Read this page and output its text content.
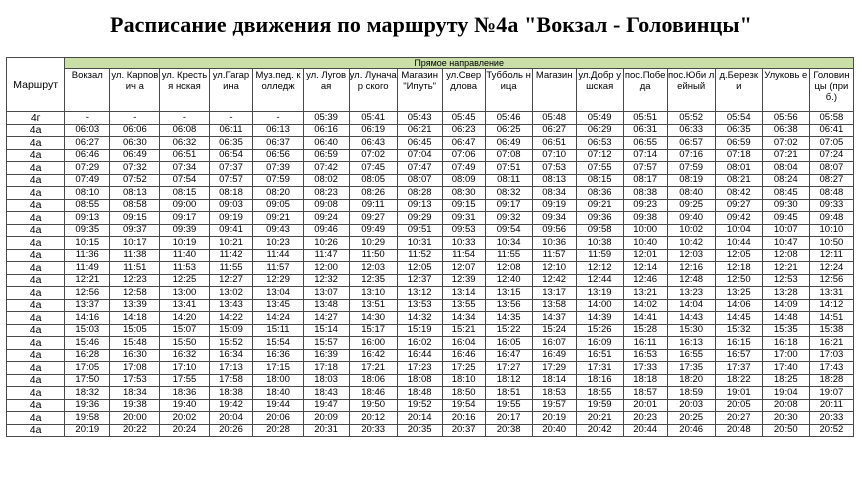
Расписание движения по маршруту №4а "Вокзал - Головинцы"
Маршрут	Прямое направление																
	Вокзал	ул. Карпович а	ул. Крестья нская	ул.Гагар ина	Муз.пед. колледж	ул. Луговая	ул. Луначар ского	Магазин "Ипуть"	ул.Свер длова	Тубболь ница	Магазин	ул.Добр ушская	пос.Побе да	пос.Юби лейный	д.Березк и	Улуковь е	Головин цы (приб.)
4г	-	-	-	-	-	05:39	05:41	05:43	05:45	05:46	05:48	05:49	05:51	05:52	05:54	05:56	05:58
4а	06:03	06:06	06:08	06:11	06:13	06:16	06:19	06:21	06:23	06:25	06:27	06:29	06:31	06:33	06:35	06:38	06:41
4а	06:27	06:30	06:32	06:35	06:37	06:40	06:43	06:45	06:47	06:49	06:51	06:53	06:55	06:57	06:59	07:02	07:05
4а	06:46	06:49	06:51	06:54	06:56	06:59	07:02	07:04	07:06	07:08	07:10	07:12	07:14	07:16	07:18	07:21	07:24
4а	07:29	07:32	07:34	07:37	07:39	07:42	07:45	07:47	07:49	07:51	07:53	07:55	07:57	07:59	08:01	08:04	08:07
4а	07:49	07:52	07:54	07:57	07:59	08:02	08:05	08:07	08:09	08:11	08:13	08:15	08:17	08:19	08:21	08:24	08:27
4а	08:10	08:13	08:15	08:18	08:20	08:23	08:26	08:28	08:30	08:32	08:34	08:36	08:38	08:40	08:42	08:45	08:48
4а	08:55	08:58	09:00	09:03	09:05	09:08	09:11	09:13	09:15	09:17	09:19	09:21	09:23	09:25	09:27	09:30	09:33
4а	09:13	09:15	09:17	09:19	09:21	09:24	09:27	09:29	09:31	09:32	09:34	09:36	09:38	09:40	09:42	09:45	09:48
4а	09:35	09:37	09:39	09:41	09:43	09:46	09:49	09:51	09:53	09:54	09:56	09:58	10:00	10:02	10:04	10:07	10:10
4а	10:15	10:17	10:19	10:21	10:23	10:26	10:29	10:31	10:33	10:34	10:36	10:38	10:40	10:42	10:44	10:47	10:50
4а	11:36	11:38	11:40	11:42	11:44	11:47	11:50	11:52	11:54	11:55	11:57	11:59	12:01	12:03	12:05	12:08	12:11
4а	11:49	11:51	11:53	11:55	11:57	12:00	12:03	12:05	12:07	12:08	12:10	12:12	12:14	12:16	12:18	12:21	12:24
4а	12:21	12:23	12:25	12:27	12:29	12:32	12:35	12:37	12:39	12:40	12:42	12:44	12:46	12:48	12:50	12:53	12:56
4а	12:56	12:58	13:00	13:02	13:04	13:07	13:10	13:12	13:14	13:15	13:17	13:19	13:21	13:23	13:25	13:28	13:31
4а	13:37	13:39	13:41	13:43	13:45	13:48	13:51	13:53	13:55	13:56	13:58	14:00	14:02	14:04	14:06	14:09	14:12
4а	14:16	14:18	14:20	14:22	14:24	14:27	14:30	14:32	14:34	14:35	14:37	14:39	14:41	14:43	14:45	14:48	14:51
4а	15:03	15:05	15:07	15:09	15:11	15:14	15:17	15:19	15:21	15:22	15:24	15:26	15:28	15:30	15:32	15:35	15:38
4а	15:46	15:48	15:50	15:52	15:54	15:57	16:00	16:02	16:04	16:05	16:07	16:09	16:11	16:13	16:15	16:18	16:21
4а	16:28	16:30	16:32	16:34	16:36	16:39	16:42	16:44	16:46	16:47	16:49	16:51	16:53	16:55	16:57	17:00	17:03
4а	17:05	17:08	17:10	17:13	17:15	17:18	17:21	17:23	17:25	17:27	17:29	17:31	17:33	17:35	17:37	17:40	17:43
4а	17:50	17:53	17:55	17:58	18:00	18:03	18:06	18:08	18:10	18:12	18:14	18:16	18:18	18:20	18:22	18:25	18:28
4а	18:32	18:34	18:36	18:38	18:40	18:43	18:46	18:48	18:50	18:51	18:53	18:55	18:57	18:59	19:01	19:04	19:07
4а	19:36	19:38	19:40	19:42	19:44	19:47	19:50	19:52	19:54	19:55	19:57	19:59	20:01	20:03	20:05	20:08	20:11
4а	19:58	20:00	20:02	20:04	20:06	20:09	20:12	20:14	20:16	20:17	20:19	20:21	20:23	20:25	20:27	20:30	20:33
4а	20:19	20:22	20:24	20:26	20:28	20:31	20:33	20:35	20:37	20:38	20:40	20:42	20:44	20:46	20:48	20:50	20:52
